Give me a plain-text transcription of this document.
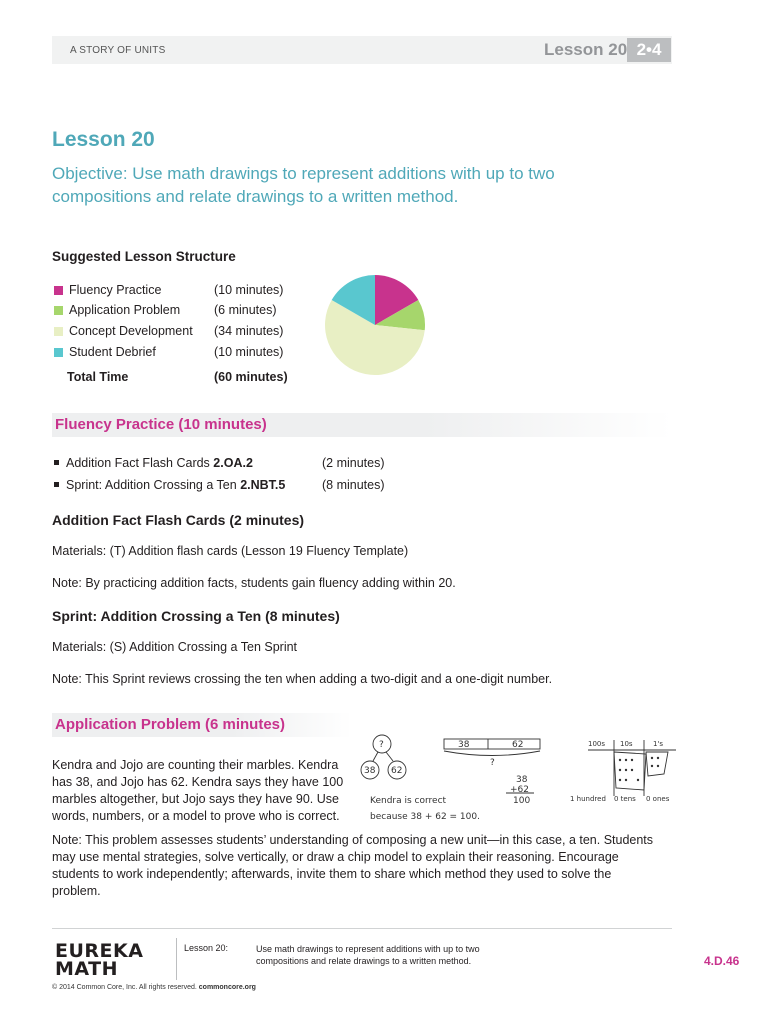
A STORY OF UNITS	Lesson 20 2•4
Lesson 20
Objective: Use math drawings to represent additions with up to two compositions and relate drawings to a written method.
Suggested Lesson Structure
Fluency Practice	(10 minutes)
Application Problem	(6 minutes)
Concept Development (34 minutes)
Student Debrief	(10 minutes)
Total Time	(60 minutes)
Fluency Practice (10 minutes)
Addition Fact Flash Cards 2.OA.2	(2 minutes)
Sprint: Addition Crossing a Ten 2.NBT.5	(8 minutes)
Addition Fact Flash Cards (2 minutes)
Materials: (T) Addition flash cards (Lesson 19 Fluency Template)
Note: By practicing addition facts, students gain fluency adding within 20.
Sprint: Addition Crossing a Ten (8 minutes)
Materials: (S) Addition Crossing a Ten Sprint
Note: This Sprint reviews crossing the ten when adding a two-digit and a one-digit number.
Application Problem (6 minutes)
Kendra and Jojo are counting their marbles. Kendra
has 38, and Jojo has 62. Kendra says they have 100
marbles altogether, but Jojo says they have 90. Use
words, numbers, or a model to prove who is correct.
?
38 62
38	62
?
38
+62
100
Kendra is correct
because 38 + 62 = 100.
100s 10s	1's
1 hundred 0 tens 0 ones
Note: This problem assesses students’ understanding of composing a new unit—in this case, a ten. Students
may use mental strategies, solve vertically, or draw a chip model to explain their reasoning. Encourage
students to work independently; afterwards, invite them to share which method they used to solve the
problem.
EUREKA
MATH
Lesson 20:	Use math drawings to represent additions with up to two compositions and relate drawings to a written method.	4.D.46
© 2014 Common Core, Inc. All rights reserved. commoncore.org
